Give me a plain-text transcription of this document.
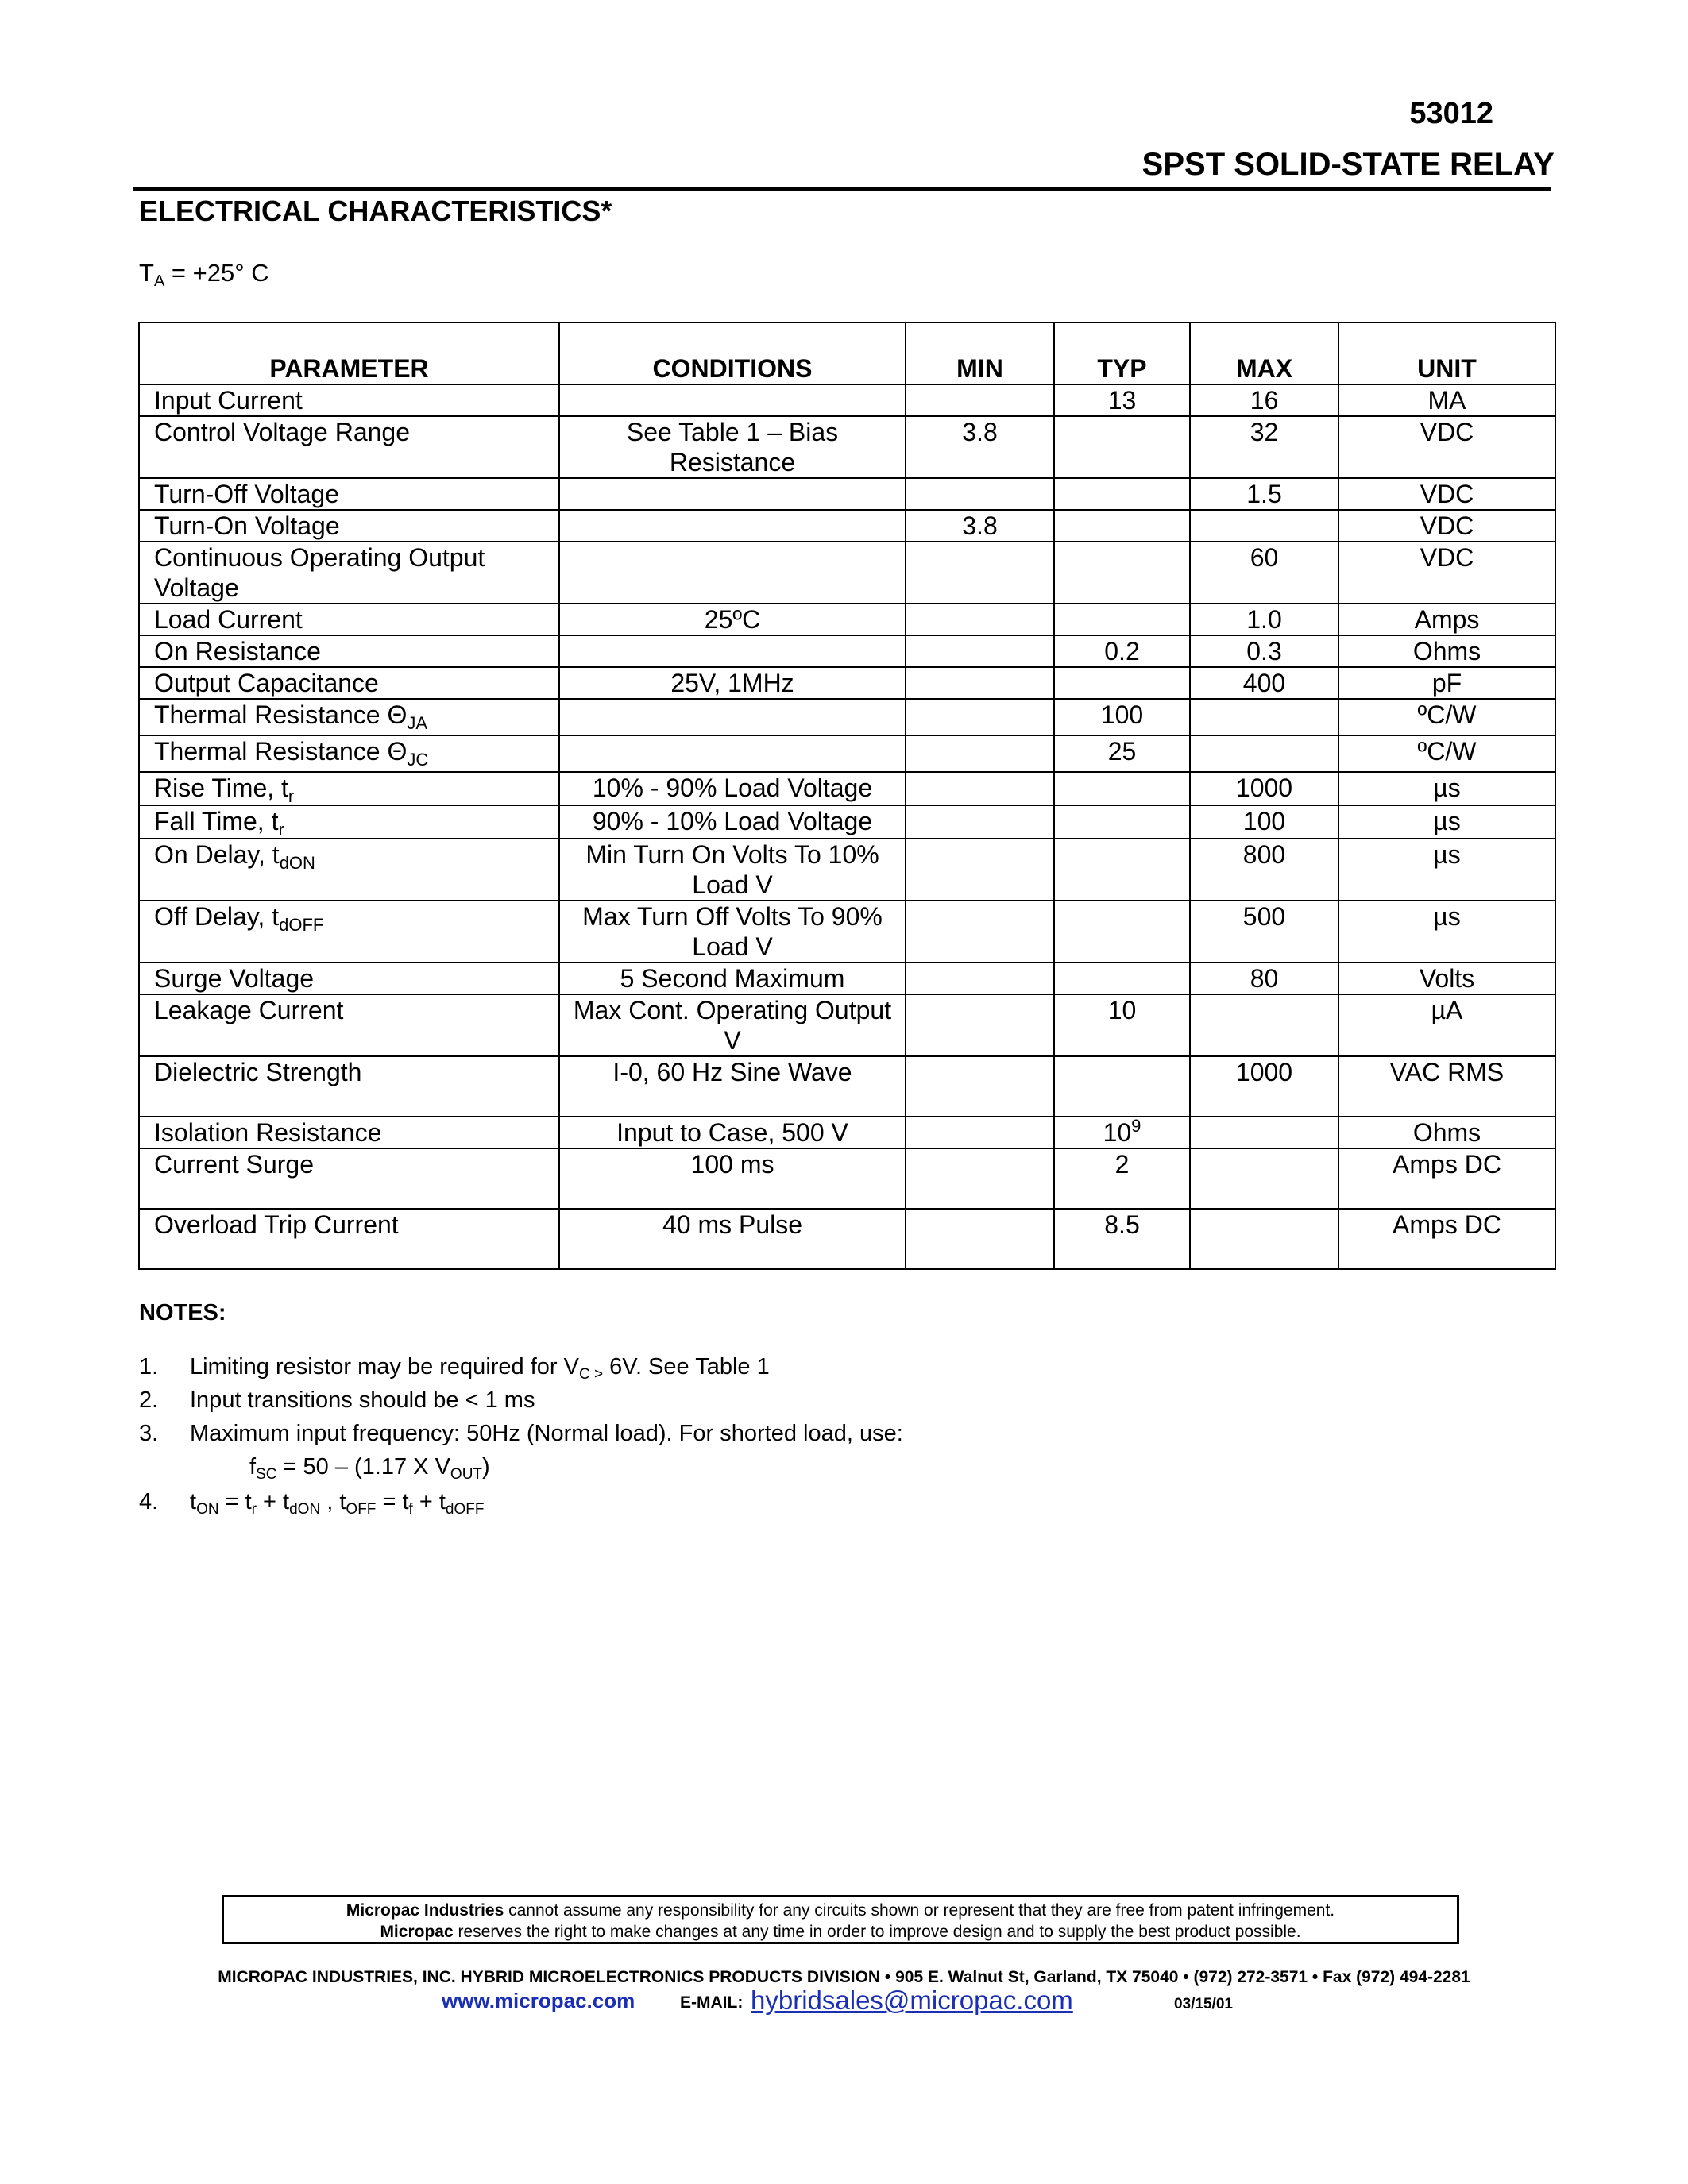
53012
SPST SOLID-STATE RELAY
ELECTRICAL CHARACTERISTICS*
$T_A = +25^\circ$ C
PARAMETER	CONDITIONS	MIN	TYP	MAX	UNIT
Input Current			13	16	MA
Control Voltage Range	See Table 1 – Bias Resistance	3.8		32	VDC
Turn-Off Voltage				1.5	VDC
Turn-On Voltage		3.8			VDC
Continuous Operating Output Voltage				60	VDC
Load Current	25ºC			1.0	Amps
On Resistance			0.2	0.3	Ohms
Output Capacitance	25V, 1MHz			400	pF
Thermal Resistance $\Theta_{JA}$			100		ºC/W
Thermal Resistance $\Theta_{JC}$			25		ºC/W
Rise Time, $t_r$	10% - 90% Load Voltage			1000	µs
Fall Time, $t_r$	90% - 10% Load Voltage			100	µs
On Delay, $t_{dON}$	Min Turn On Volts To 10% Load V			800	µs
Off Delay, $t_{dOFF}$	Max Turn Off Volts To 90% Load V			500	µs
Surge Voltage	5 Second Maximum			80	Volts
Leakage Current	Max Cont. Operating Output V		10		µA
Dielectric Strength	I-0, 60 Hz Sine Wave			1000	VAC RMS
Isolation Resistance	Input to Case, 500 V		$10^9$		Ohms
Current Surge	100 ms		2		Amps DC
Overload Trip Current	40 ms Pulse		8.5		Amps DC
NOTES:
1. Limiting resistor may be required for $V_{C >}$ 6V. See Table 1
2. Input transitions should be < 1 ms
3. Maximum input frequency: 50Hz (Normal load). For shorted load, use:
$f_{SC} = 50 - (1.17$ X $V_{OUT}$)
4. $t_{ON} = t_r + t_{dON}$ , $t_{OFF} = t_f + t_{dOFF}$
Micropac Industries cannot assume any responsibility for any circuits shown or represent that they are free from patent infringement.
Micropac reserves the right to make changes at any time in order to improve design and to supply the best product possible.
MICROPAC INDUSTRIES, INC. HYBRID MICROELECTRONICS PRODUCTS DIVISION • 905 E. Walnut St, Garland, TX 75040 • (972) 272-3571 • Fax (972) 494-2281
www.micropac.com	E-MAIL: hybridsales@micropac.com	03/15/01
